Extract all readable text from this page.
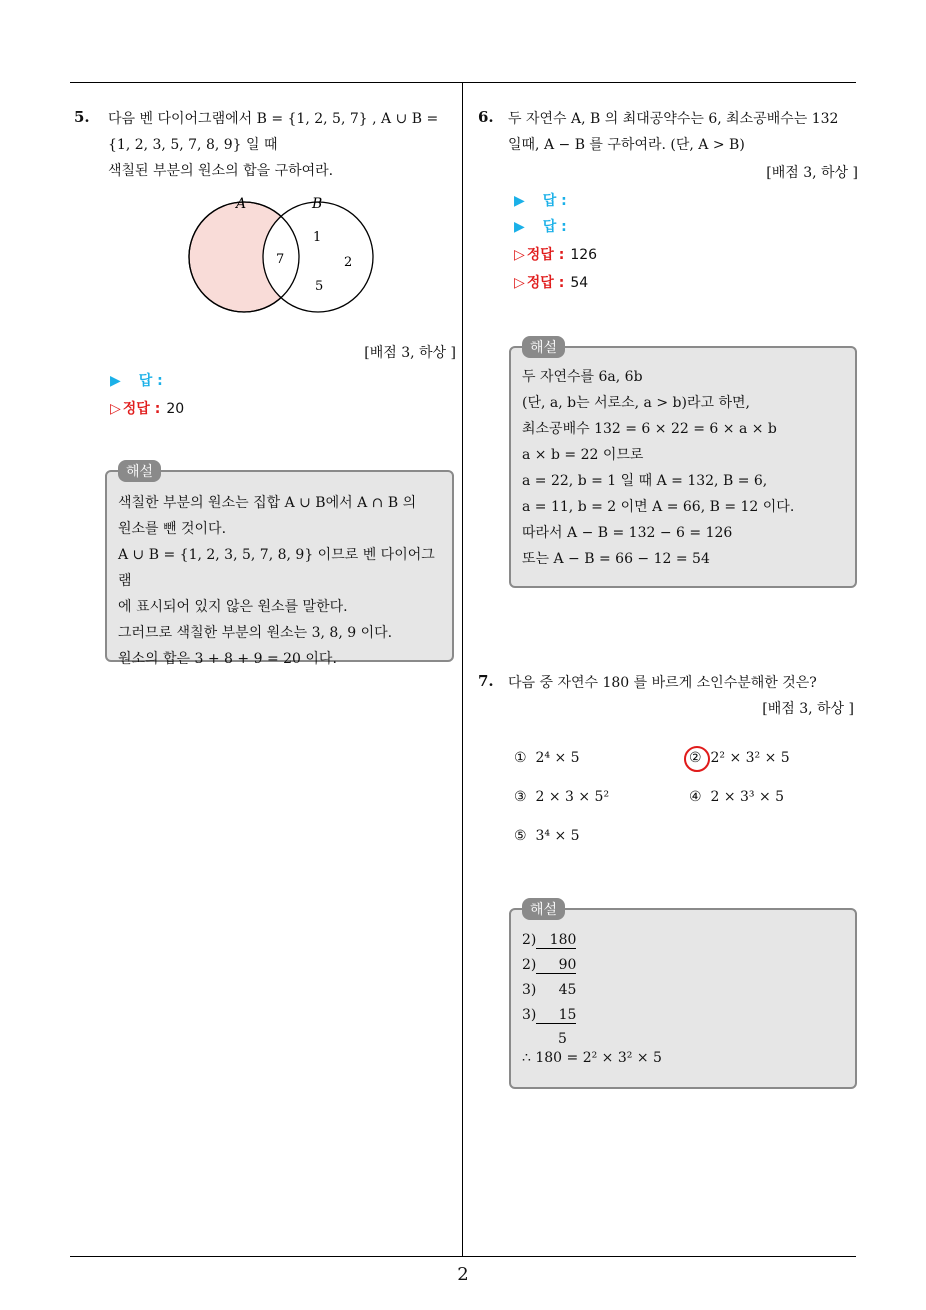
2
5. 다음 벤 다이어그램에서 B = {1, 2, 5, 7} , A ∪ B =
{1, 2, 3, 5, 7, 8, 9} 일 때
색칠된 부분의 원소의 합을 구하여라.
A	B
7
1
2
5
[배점 3, 하상 ]
▶ 답 :
▷ 정답 : 20
해설
색칠한 부분의 원소는 집합 A ∪ B에서 A ∩ B 의
원소를 뺀 것이다.
A ∪ B = {1, 2, 3, 5, 7, 8, 9} 이므로 벤 다이어그램
에 표시되어 있지 않은 원소를 말한다.
그러므로 색칠한 부분의 원소는 3, 8, 9 이다.
원소의 합은 3 + 8 + 9 = 20 이다.
6. 두 자연수 A, B 의 최대공약수는 6, 최소공배수는 132
일때, A − B 를 구하여라. (단, A > B)
[배점 3, 하상 ]
▶ 답 :
▶ 답 :
▷ 정답 : 126
▷ 정답 : 54
해설
두 자연수를 6a, 6b
(단, a, b는 서로소, a > b)라고 하면,
최소공배수 132 = 6 × 22 = 6 × a × b
a × b = 22 이므로
a = 22, b = 1 일 때 A = 132, B = 6,
a = 11, b = 2 이면 A = 66, B = 12 이다.
따라서 A − B = 132 − 6 = 126
또는 A − B = 66 − 12 = 54
7. 다음 중 자연수 180 를 바르게 소인수분해한 것은?
[배점 3, 하상 ]
① 2⁴ × 5	② 2² × 3² × 5
③ 2 × 3 × 5²	④ 2 × 3³ × 5
⑤ 3⁴ × 5
해설
2) 180
2) 90
3) 45
3) 15
5
∴ 180 = 2² × 3² × 5
